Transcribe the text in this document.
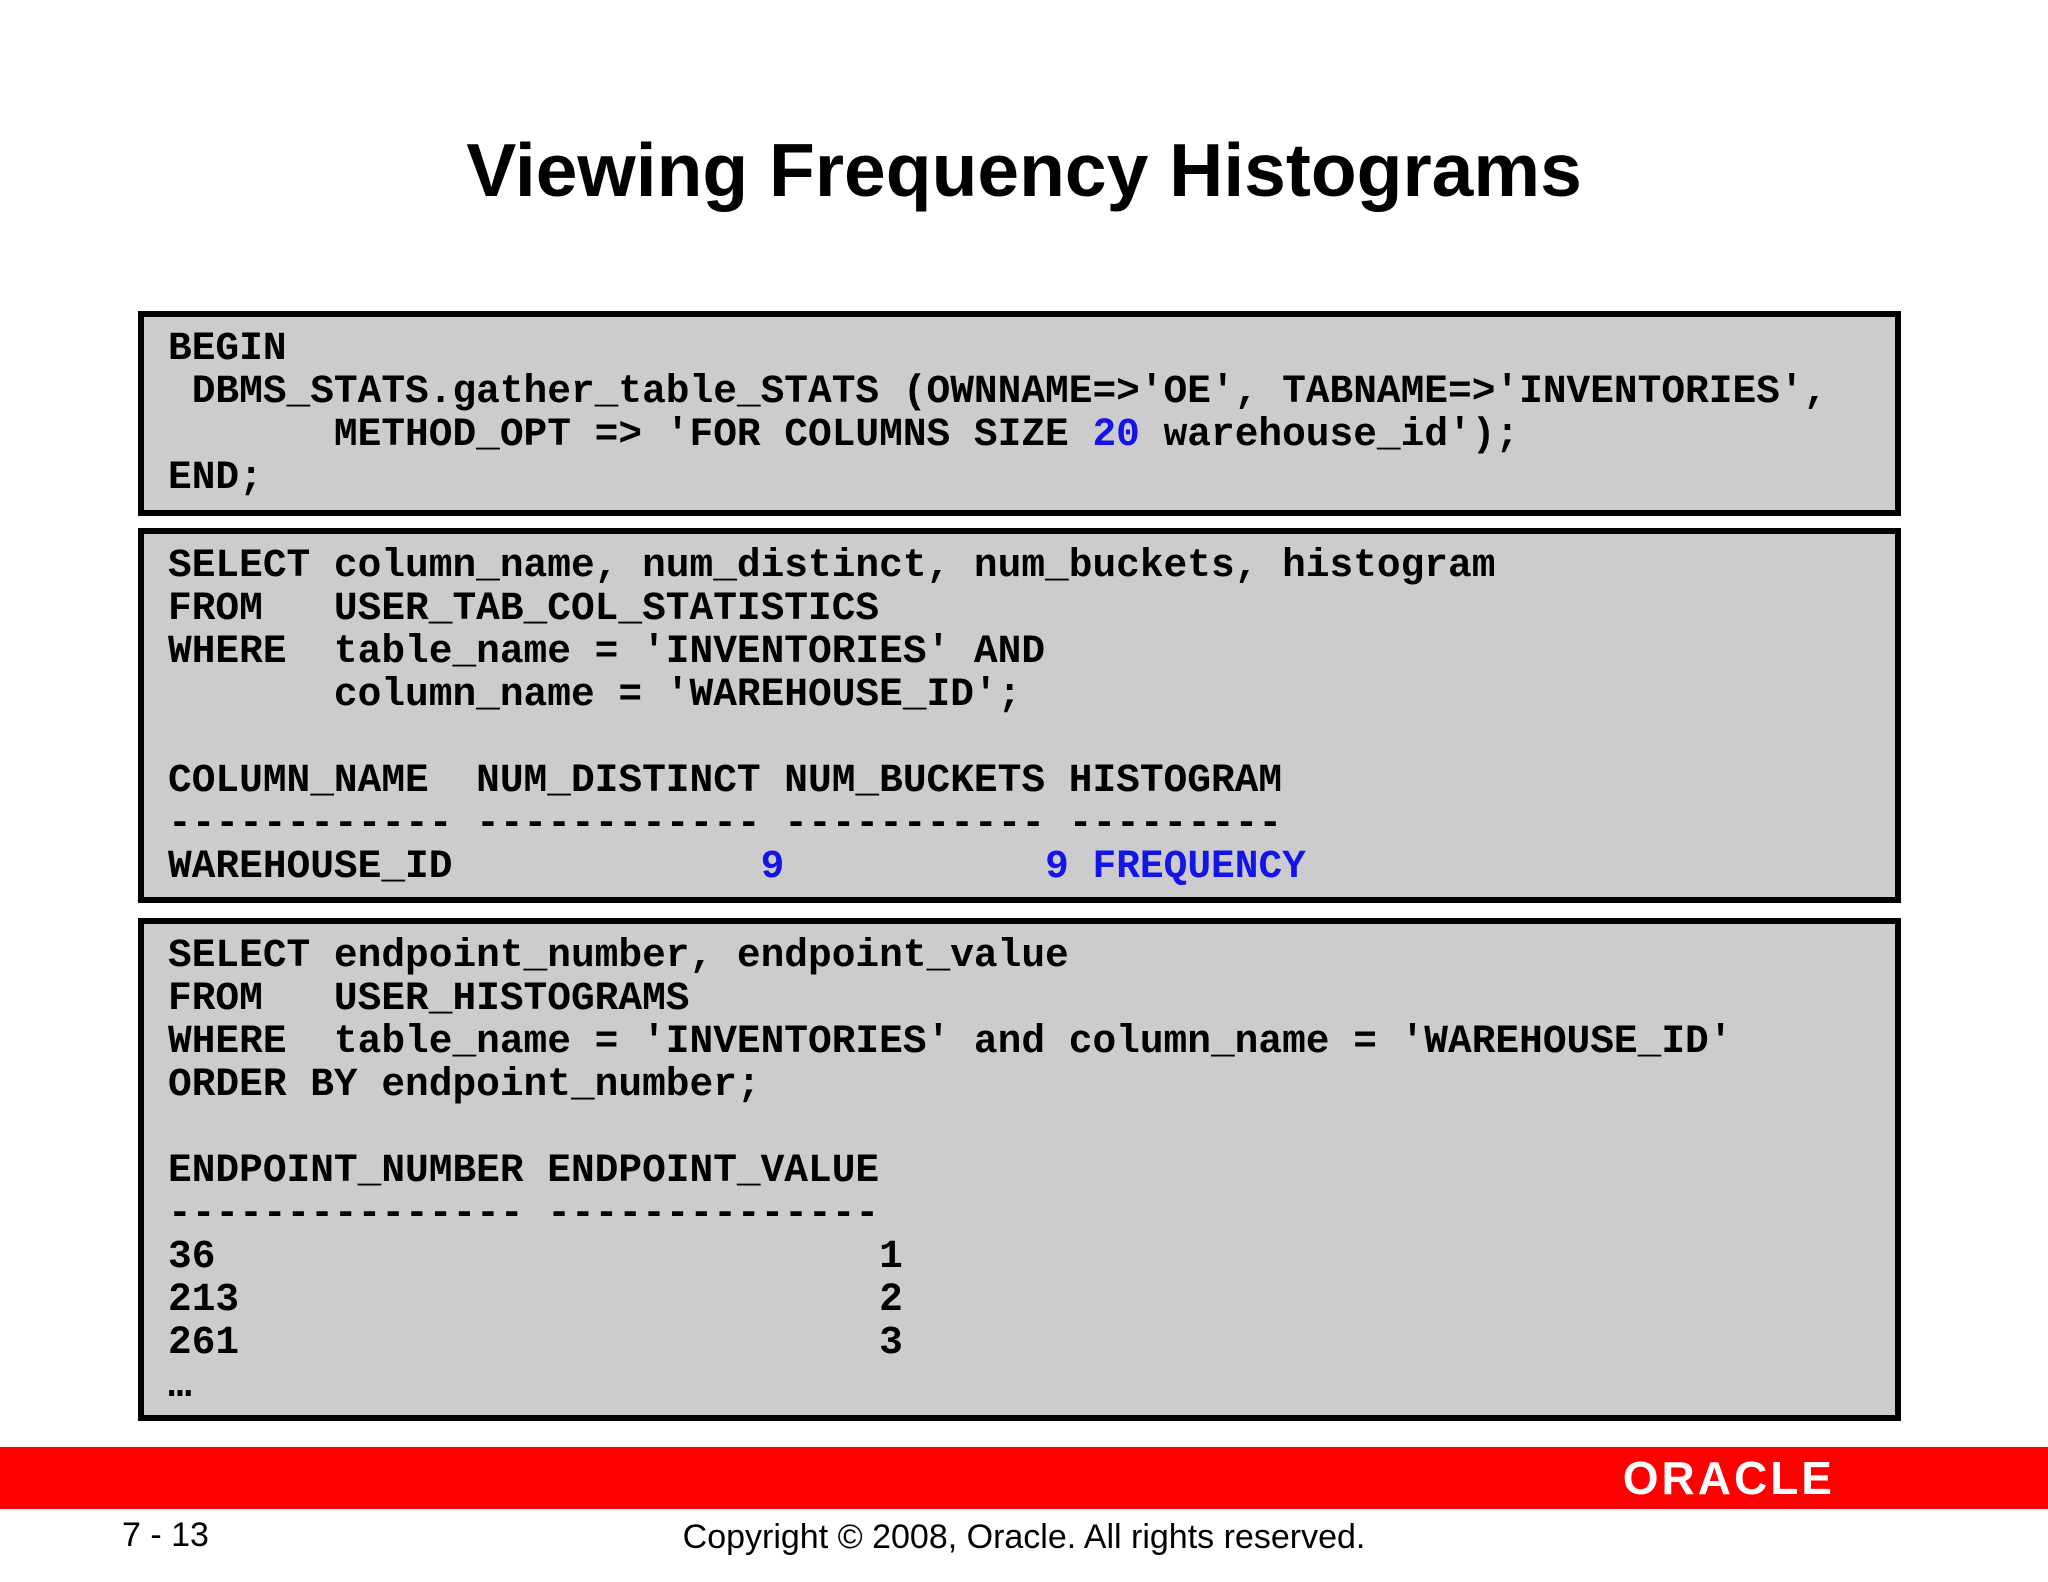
Viewing Frequency Histograms
BEGIN
DBMS_STATS.gather_table_STATS (OWNNAME=>'OE', TABNAME=>'INVENTORIES',
METHOD_OPT => 'FOR COLUMNS SIZE 20 warehouse_id');
END;
SELECT column_name, num_distinct, num_buckets, histogram
FROM   USER_TAB_COL_STATISTICS
WHERE  table_name = 'INVENTORIES' AND
column_name = 'WAREHOUSE_ID';

COLUMN_NAME  NUM_DISTINCT NUM_BUCKETS HISTOGRAM
------------ ------------ ----------- ---------
WAREHOUSE_ID	9	9 FREQUENCY
SELECT endpoint_number, endpoint_value
FROM   USER_HISTOGRAMS
WHERE  table_name = 'INVENTORIES' and column_name = 'WAREHOUSE_ID'
ORDER BY endpoint_number;

ENDPOINT_NUMBER ENDPOINT_VALUE
--------------- --------------
36	1
213	2
261	3
…
ORACLE
7 - 13	Copyright © 2008, Oracle. All rights reserved.
